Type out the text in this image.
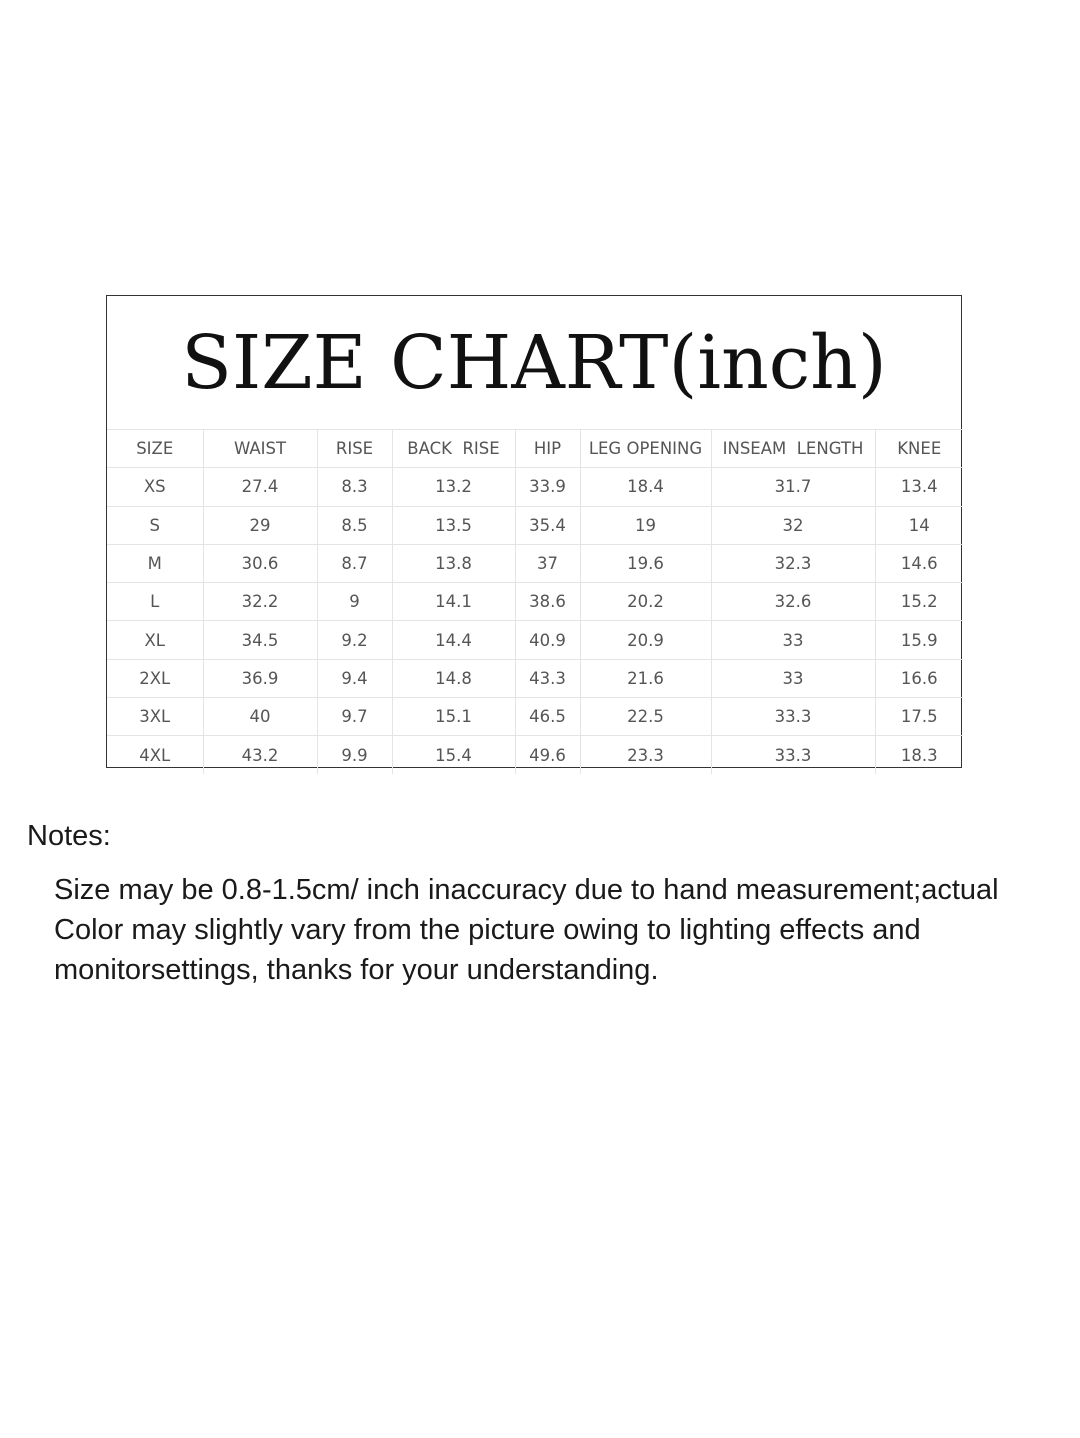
SIZE CHART(inch)
SIZE	WAIST	RISE	BACK  RISE	HIP	LEG OPENING	INSEAM  LENGTH	KNEE
XS	27.4	8.3	13.2	33.9	18.4	31.7	13.4
S	29	8.5	13.5	35.4	19	32	14
M	30.6	8.7	13.8	37	19.6	32.3	14.6
L	32.2	9	14.1	38.6	20.2	32.6	15.2
XL	34.5	9.2	14.4	40.9	20.9	33	15.9
2XL	36.9	9.4	14.8	43.3	21.6	33	16.6
3XL	40	9.7	15.1	46.5	22.5	33.3	17.5
4XL	43.2	9.9	15.4	49.6	23.3	33.3	18.3
Notes:
Size may be 0.8-1.5cm/ inch inaccuracy due to hand measurement;actual
Color may slightly vary from the picture owing to lighting effects and
monitorsettings, thanks for your understanding.
